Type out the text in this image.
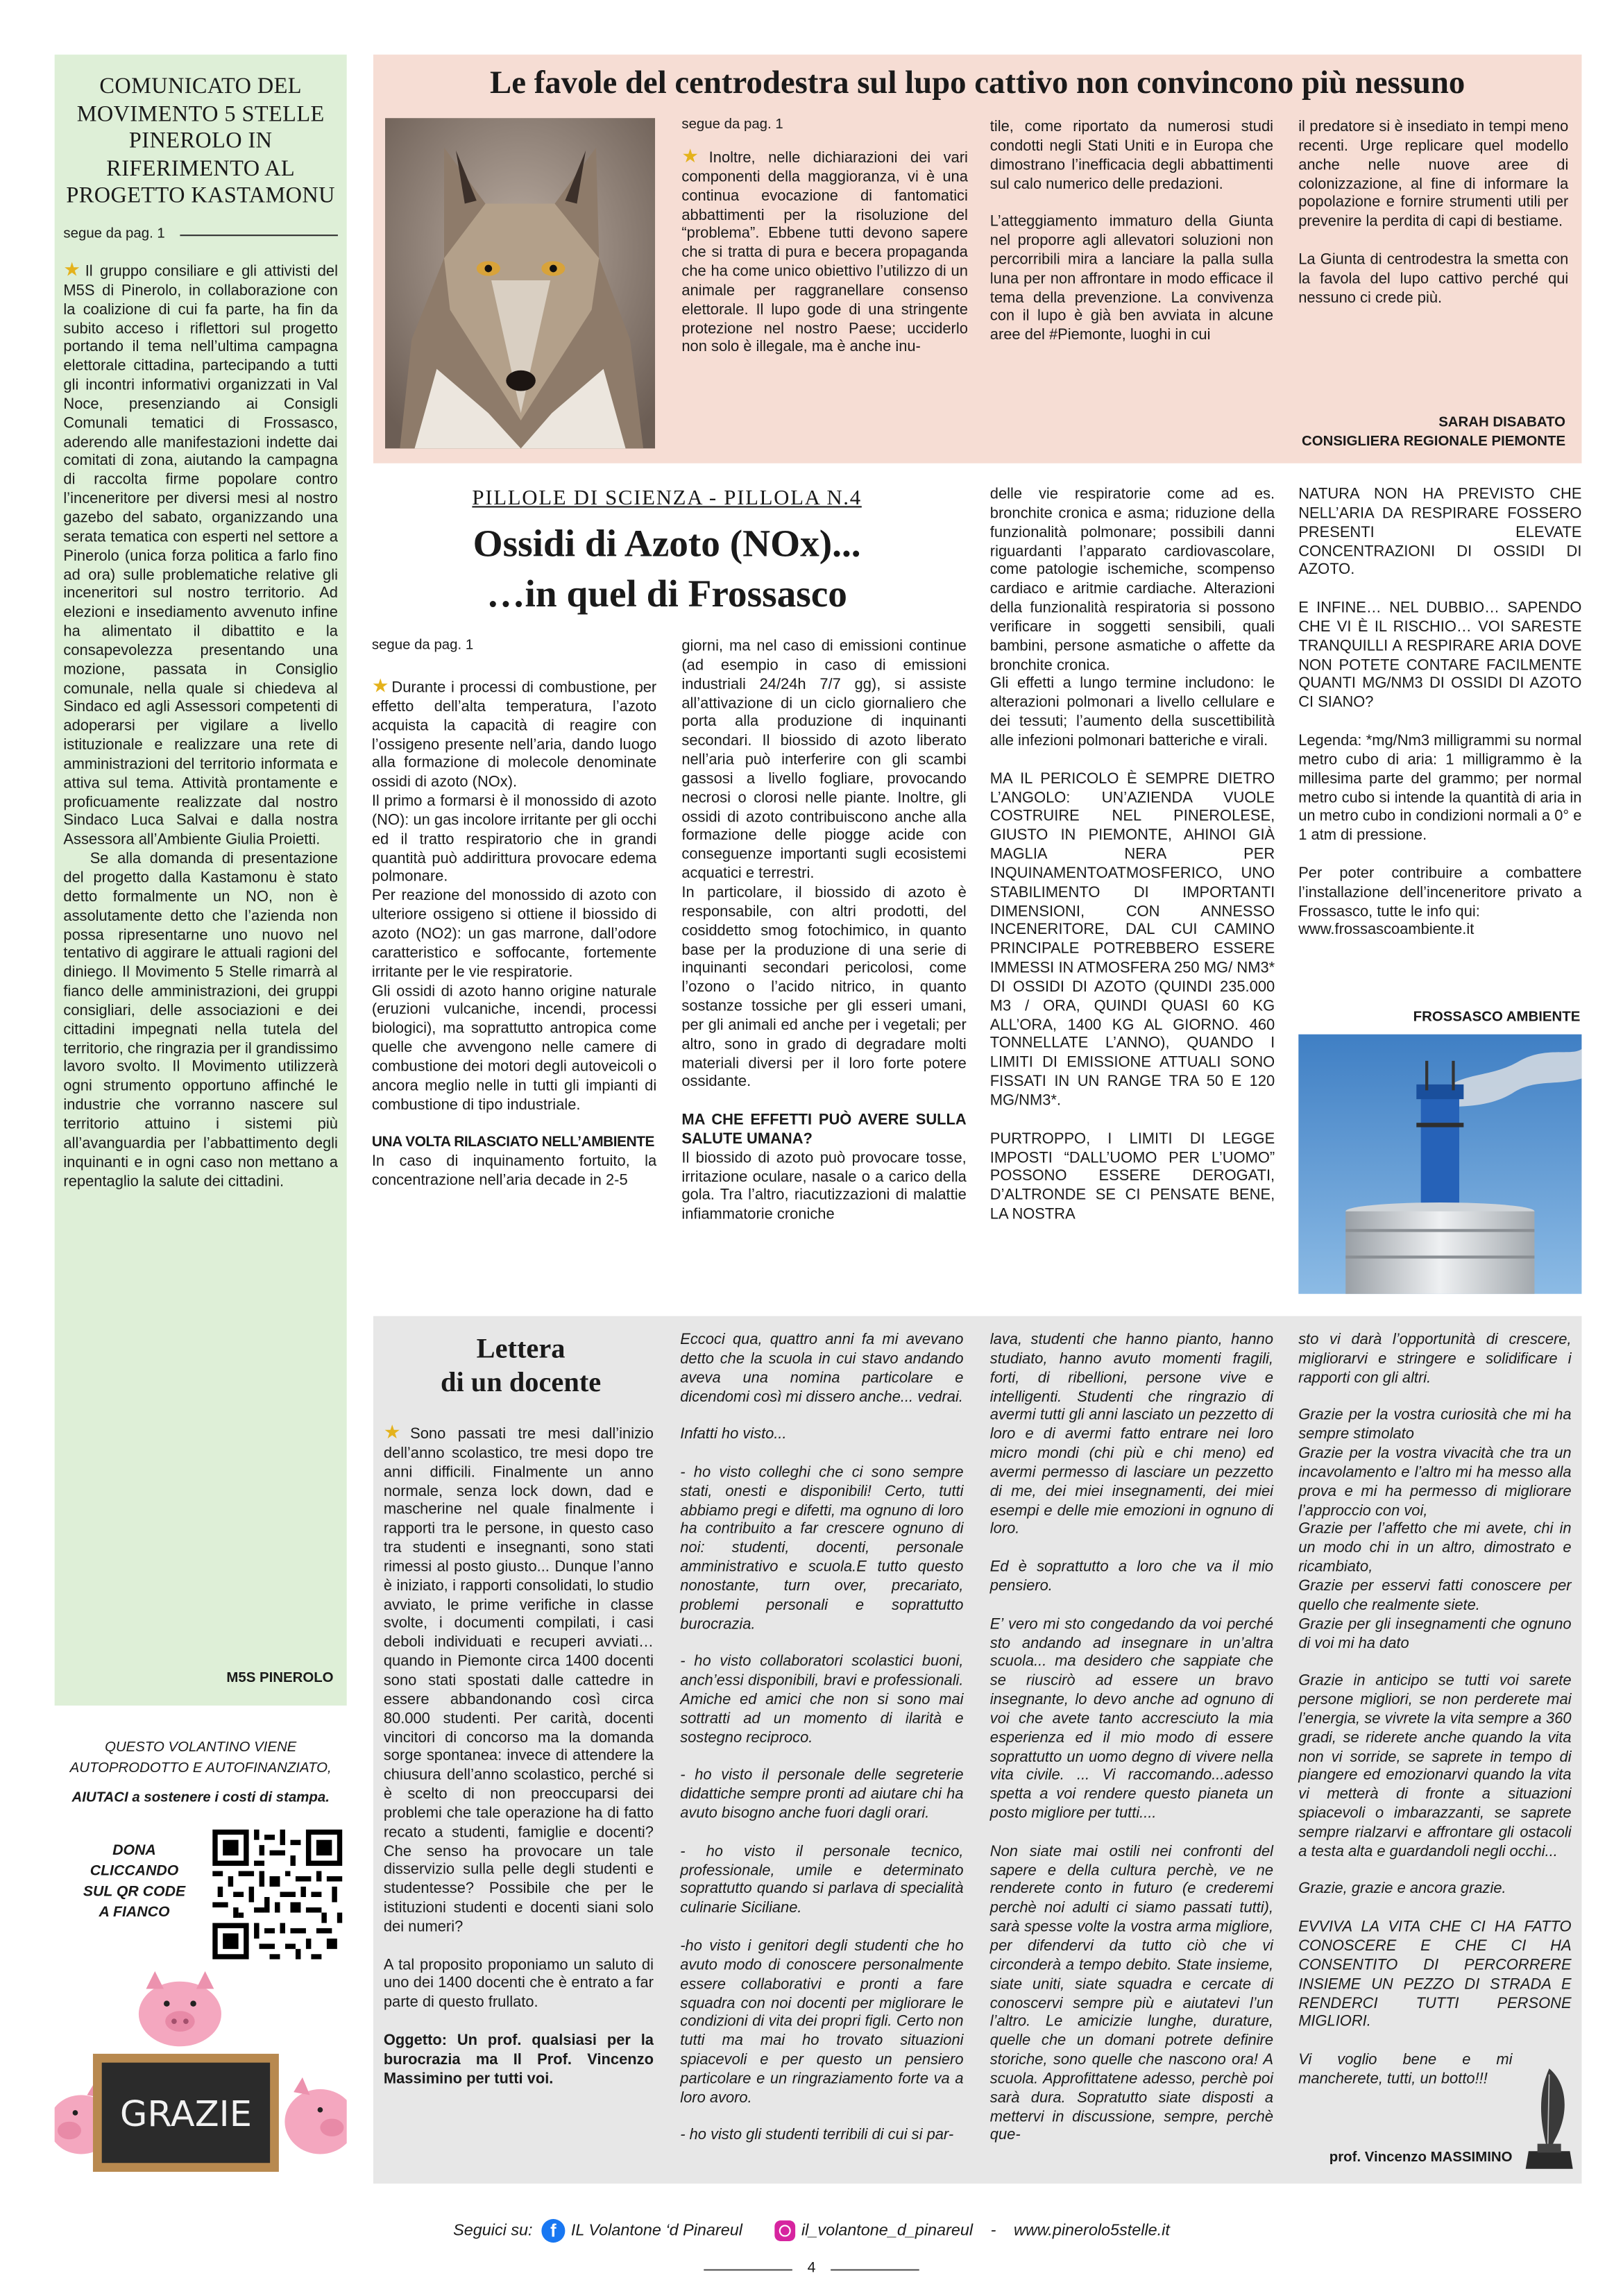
COMUNICATO DEL MOVIMENTO 5 STELLE PINEROLO IN RIFERIMENTO AL PROGETTO KASTAMONU
segue da pag. 1

★ Il gruppo consiliare e gli attivisti del M5S di Pinerolo, in collaborazione con la coalizione di cui fa parte, ha fin da subito acceso i riflettori sul progetto portando il tema nell’ultima campagna elettorale cittadina, partecipando a tutti gli incontri informativi organizzati in Val Noce, presenziando ai Consigli Comunali tematici di Frossasco, aderendo alle manifestazioni indette dai comitati di zona, aiutando la campagna di raccolta firme popolare contro l’inceneritore per diversi mesi al nostro gazebo del sabato, organizzando una serata tematica con esperti nel settore a Pinerolo (unica forza politica a farlo fino ad ora) sulle problematiche relative gli inceneritori sul nostro territorio. Ad elezioni e insediamento avvenuto infine ha alimentato il dibattito e la consapevolezza presentando una mozione, passata in Consiglio comunale, nella quale si chiedeva al Sindaco ed agli Assessori competenti di adoperarsi per vigilare a livello istituzionale e realizzare una rete di amministrazioni del territorio informata e attiva sul tema. Attività prontamente e proficuamente realizzate dal nostro Sindaco Luca Salvai e dalla nostra Assessora all’Ambiente Giulia Proietti.

Se alla domanda di presentazione del progetto dalla Kastamonu è stato detto formalmente un NO, non è assolutamente detto che l’azienda non possa ripresentarne uno nuovo nel tentativo di aggirare le attuali ragioni del diniego. Il Movimento 5 Stelle rimarrà al fianco delle amministrazioni, dei gruppi consigliari, delle associazioni e dei cittadini impegnati nella tutela del territorio, che ringrazia per il grandissimo lavoro svolto. Il Movimento utilizzerà ogni strumento opportuno affinché le industrie che vorranno nascere sul territorio attuino i sistemi più all’avanguardia per l’abbattimento degli inquinanti e in ogni caso non mettano a repentaglio la salute dei cittadini.

M5S PINEROLO
QUESTO VOLANTINO VIENE AUTOPRODOTTO E AUTOFINANZIATO,
AIUTACI a sostenere i costi di stampa.
DONA CLICCANDO SUL QR CODE A FIANCO
GRAZIE
Le favole del centrodestra sul lupo cattivo non convincono più nessuno
segue da pag. 1

★ Inoltre, nelle dichiarazioni dei vari componenti della maggioranza, vi è una continua evocazione di fantomatici abbattimenti per la risoluzione del “problema”. Ebbene tutti devono sapere che si tratta di pura e becera propaganda che ha come unico obiettivo l’utilizzo di un animale per raggranellare consenso elettorale. Il lupo gode di una stringente protezione nel nostro Paese; ucciderlo non solo è illegale, ma è anche inu-

tile, come riportato da numerosi studi condotti negli Stati Uniti e in Europa che dimostrano l’inefficacia degli abbattimenti sul calo numerico delle predazioni.

L’atteggiamento immaturo della Giunta nel proporre agli allevatori soluzioni non percorribili mira a lanciare la palla sulla luna per non affrontare in modo efficace il tema della prevenzione. La convivenza con il lupo è già ben avviata in alcune aree del #Piemonte, luoghi in cui

il predatore si è insediato in tempi meno recenti. Urge replicare quel modello anche nelle nuove aree di colonizzazione, al fine di informare la popolazione e fornire strumenti utili per prevenire la perdita di capi di bestiame.

La Giunta di centrodestra la smetta con la favola del lupo cattivo perché qui nessuno ci crede più.

SARAH DISABATO
CONSIGLIERA REGIONALE PIEMONTE
PILLOLE DI SCIENZA - PILLOLA N.4
Ossidi di Azoto (NOx)...
…in quel di Frossasco
segue da pag. 1

★ Durante i processi di combustione, per effetto dell’alta temperatura, l’azoto acquista la capacità di reagire con l’ossigeno presente nell’aria, dando luogo alla formazione di molecole denominate ossidi di azoto (NOx).

Il primo a formarsi è il monossido di azoto (NO): un gas incolore irritante per gli occhi ed il tratto respiratorio che in grandi quantità può addirittura provocare edema polmonare.

Per reazione del monossido di azoto con ulteriore ossigeno si ottiene il biossido di azoto (NO2): un gas marrone, dall’odore caratteristico e soffocante, fortemente irritante per le vie respiratorie.

Gli ossidi di azoto hanno origine naturale (eruzioni vulcaniche, incendi, processi biologici), ma soprattutto antropica come quelle che avvengono nelle camere di combustione dei motori degli autoveicoli o ancora meglio nelle in tutti gli impianti di combustione di tipo industriale.

UNA VOLTA RILASCIATO NELL’AMBIENTE

In caso di inquinamento fortuito, la concentrazione nell’aria decade in 2-5

giorni, ma nel caso di emissioni continue (ad esempio in caso di emissioni industriali 24/24h 7/7 gg), si assiste all’attivazione di un ciclo giornaliero che porta alla produzione di inquinanti secondari. Il biossido di azoto liberato nell’aria può interferire con gli scambi gassosi a livello fogliare, provocando necrosi o clorosi nelle piante. Inoltre, gli ossidi di azoto contribuiscono anche alla formazione delle piogge acide con conseguenze importanti sugli ecosistemi acquatici e terrestri.

In particolare, il biossido di azoto è responsabile, con altri prodotti, del cosiddetto smog fotochimico, in quanto base per la produzione di una serie di inquinanti secondari pericolosi, come l’ozono o l’acido nitrico, in quanto sostanze tossiche per gli esseri umani, per gli animali ed anche per i vegetali; per altro, sono in grado di degradare molti materiali diversi per il loro forte potere ossidante.

MA CHE EFFETTI PUÒ AVERE SULLA SALUTE UMANA?

Il biossido di azoto può provocare tosse, irritazione oculare, nasale o a carico della gola. Tra l’altro, riacutizzazioni di malattie infiammatorie croniche

delle vie respiratorie come ad es. bronchite cronica e asma; riduzione della funzionalità polmonare; possibili danni riguardanti l’apparato cardiovascolare, come patologie ischemiche, scompenso cardiaco e aritmie cardiache. Alterazioni della funzionalità respiratoria si possono verificare in soggetti sensibili, quali bambini, persone asmatiche o affette da bronchite cronica.

Gli effetti a lungo termine includono: le alterazioni polmonari a livello cellulare e dei tessuti; l’aumento della suscettibilità alle infezioni polmonari batteriche e virali.

MA IL PERICOLO È SEMPRE DIETRO L’ANGOLO: UN’AZIENDA VUOLE COSTRUIRE NEL PINEROLESE, GIUSTO IN PIEMONTE, AHINOI GIÀ MAGLIA NERA PER INQUINAMENTOATMOSFERICO, UNO STABILIMENTO DI IMPORTANTI DIMENSIONI, CON ANNESSO INCENERITORE, DAL CUI CAMINO PRINCIPALE POTREBBERO ESSERE IMMESSI IN ATMOSFERA 250 MG/ NM3* DI OSSIDI DI AZOTO (QUINDI 235.000 M3 / ORA, QUINDI QUASI 60 KG ALL’ORA, 1400 KG AL GIORNO. 460 TONNELLATE L’ANNO), QUANDO I LIMITI DI EMISSIONE ATTUALI SONO FISSATI IN UN RANGE TRA 50 E 120 MG/NM3*.

PURTROPPO, I LIMITI DI LEGGE IMPOSTI “DALL’UOMO PER L’UOMO” POSSONO ESSERE DEROGATI, D’ALTRONDE SE CI PENSATE BENE, LA NOSTRA

NATURA NON HA PREVISTO CHE NELL’ARIA DA RESPIRARE FOSSERO PRESENTI ELEVATE CONCENTRAZIONI DI OSSIDI DI AZOTO.

E INFINE… NEL DUBBIO… SAPENDO CHE VI È IL RISCHIO… VOI SARESTE TRANQUILLI A RESPIRARE ARIA DOVE NON POTETE CONTARE FACILMENTE QUANTI MG/NM3 DI OSSIDI DI AZOTO CI SIANO?

Legenda: *mg/Nm3 milligrammi su normal metro cubo di aria: 1 milligrammo è la millesima parte del grammo; per normal metro cubo si intende la quantità di aria in un metro cubo in condizioni normali a 0° e 1 atm di pressione.

Per poter contribuire a combattere l’installazione dell’inceneritore privato a Frossasco, tutte le info qui:

www.frossascoambiente.it

FROSSASCO AMBIENTE
Lettera
di un docente

★ Sono passati tre mesi dall’inizio dell’anno scolastico, tre mesi dopo tre anni difficili. Finalmente un anno normale, senza lock down, dad e mascherine nel quale finalmente i rapporti tra le persone, in questo caso tra studenti e insegnanti, sono stati rimessi al posto giusto... Dunque l’anno è iniziato, i rapporti consolidati, lo studio avviato, le prime verifiche in classe svolte, i documenti compilati, i casi deboli individuati e recuperi avviati… quando in Piemonte circa 1400 docenti sono stati spostati dalle cattedre in essere abbandonando così circa 80.000 studenti. Per carità, docenti vincitori di concorso ma la domanda sorge spontanea: invece di attendere la chiusura dell’anno scolastico, perché si è scelto di non preoccuparsi dei problemi che tale operazione ha di fatto recato a studenti, famiglie e docenti? Che senso ha provocare un tale disservizio sulla pelle degli studenti e studentesse? Possibile che per le istituzioni studenti e docenti siani solo dei numeri?

A tal proposito proponiamo un saluto di uno dei 1400 docenti che è entrato a far parte di questo frullato.

Oggetto: Un prof. qualsiasi per la burocrazia ma Il Prof. Vincenzo Massimino per tutti voi.

Eccoci qua, quattro anni fa mi avevano detto che la scuola in cui stavo andando aveva una nomina particolare e dicendomi così mi dissero anche... vedrai.

Infatti ho visto...

- ho visto colleghi che ci sono sempre stati, onesti e disponibili! Certo, tutti abbiamo pregi e difetti, ma ognuno di loro ha contribuito a far crescere ognuno di noi: studenti, docenti, personale amministrativo e scuola.E tutto questo nonostante, turn over, precariato, problemi personali e soprattutto burocrazia.

- ho visto collaboratori scolastici buoni, anch’essi disponibili, bravi e professionali. Amiche ed amici che non si sono mai sottratti ad un momento di ilarità e sostegno reciproco.

- ho visto il personale delle segreterie didattiche sempre pronti ad aiutare chi ha avuto bisogno anche fuori dagli orari.

- ho visto il personale tecnico, professionale, umile e determinato soprattutto quando si parlava di specialità culinarie Siciliane.

-ho visto i genitori degli studenti che ho avuto modo di conoscere personalmente essere collaborativi e pronti a fare squadra con noi docenti per migliorare le condizioni di vita dei propri figli. Certo non tutti ma mai ho trovato situazioni spiacevoli e per questo un pensiero particolare e un ringraziamento forte va a loro avoro.

- ho visto gli studenti terribili di cui si par-

lava, studenti che hanno pianto, hanno studiato, hanno avuto momenti fragili, forti, di ribellioni, persone vive e intelligenti. Studenti che ringrazio di avermi tutti gli anni lasciato un pezzetto di loro e di avermi fatto entrare nei loro micro mondi (chi più e chi meno) ed avermi permesso di lasciare un pezzetto di me, dei miei insegnamenti, dei miei esempi e delle mie emozioni in ognuno di loro.

Ed è soprattutto a loro che va il mio pensiero.

E’ vero mi sto congedando da voi perché sto andando ad insegnare in un’altra scuola... ma desidero che sappiate che se riuscirò ad essere un bravo insegnante, lo devo anche ad ognuno di voi che avete tanto accresciuto la mia esperienza ed il mio modo di essere soprattutto un uomo degno di vivere nella vita civile. ... Vi raccomando...adesso spetta a voi rendere questo pianeta un posto migliore per tutti....

Non siate mai ostili nei confronti del sapere e della cultura perchè, ve ne renderete conto in futuro (e crederemi perchè noi adulti ci siamo passati tutti), sarà spesse volte la vostra arma migliore, per difendervi da tutto ciò che vi circonderà a tempo debito. State insieme, siate uniti, siate squadra e cercate di conoscervi sempre più e aiutatevi l’un l’altro. Le amicizie lunghe, durature, quelle che un domani potrete definire storiche, sono quelle che nascono ora! A scuola. Approfittatene adesso, perchè poi sarà dura. Sopratutto siate disposti a mettervi in discussione, sempre, perchè que-

sto vi darà l’opportunità di crescere, migliorarvi e stringere e solidificare i rapporti con gli altri.

Grazie per la vostra curiosità che mi ha sempre stimolato

Grazie per la vostra vivacità che tra un incavolamento e l’altro mi ha messo alla prova e mi ha permesso di migliorare l’approccio con voi,

Grazie per l’affetto che mi avete, chi in un modo chi in un altro, dimostrato e ricambiato,

Grazie per esservi fatti conoscere per quello che realmente siete.

Grazie per gli insegnamenti che ognuno di voi mi ha dato

Grazie in anticipo se tutti voi sarete persone migliori, se non perderete mai l’energia, se vivrete la vita sempre a 360 gradi, se riderete anche quando la vita non vi sorride, se saprete in tempo di piangere ed emozionarvi quando la vita vi metterà di fronte a situazioni spiacevoli o imbarazzanti, se saprete sempre rialzarvi e affrontare gli ostacoli a testa alta e guardandoli negli occhi...

Grazie, grazie e ancora grazie.

EVVIVA LA VITA CHE CI HA FATTO CONOSCERE E CHE CI HA CONSENTITO DI PERCORRERE INSIEME UN PEZZO DI STRADA E RENDERCI TUTTI PERSONE MIGLIORI.

Vi voglio bene e mi mancherete, tutti, un botto!!!

prof. Vincenzo MASSIMINO
Seguici su:	f	IL Volantone ‘d Pinareul	il_volantone_d_pinareul - www.pinerolo5stelle.it
4
